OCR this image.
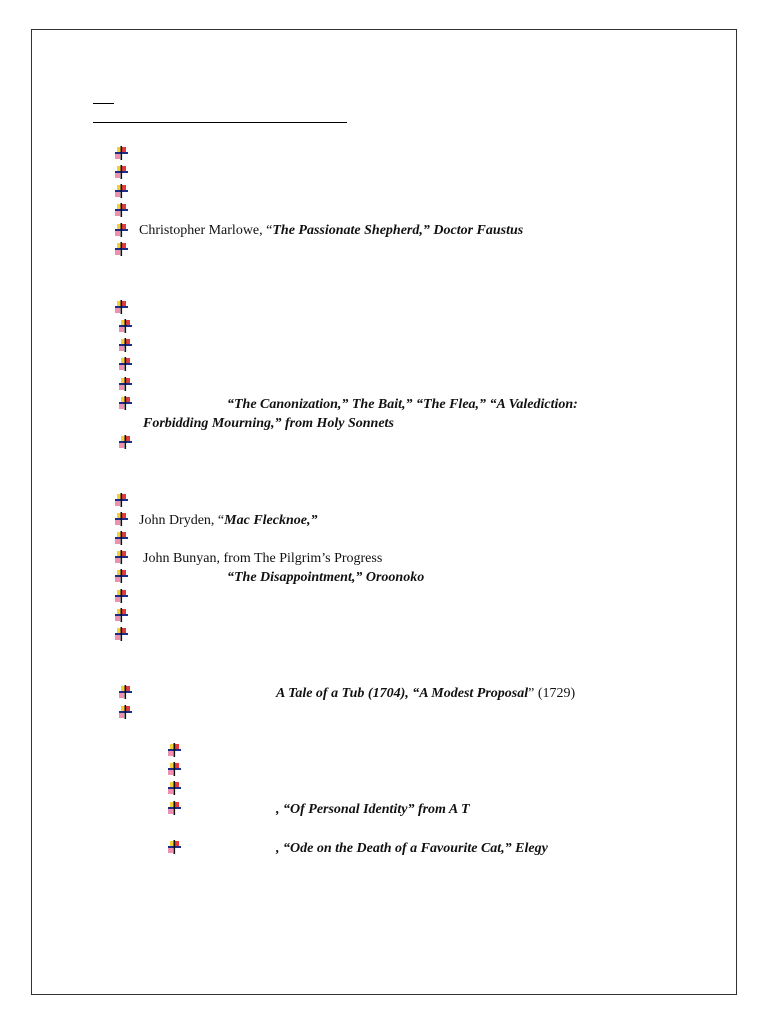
Christopher Marlowe, “The Passionate Shepherd,” Doctor Faustus
“The Canonization,” The Bait,” “The Flea,” “A Valediction:
Forbidding Mourning,” from Holy Sonnets
John Dryden, “Mac Flecknoe,”
John Bunyan, from The Pilgrim’s Progress
“The Disappointment,” Oroonoko
A Tale of a Tub (1704), “A Modest Proposal” (1729)
, “Of Personal Identity” from A T
, “Ode on the Death of a Favourite Cat,” Elegy
